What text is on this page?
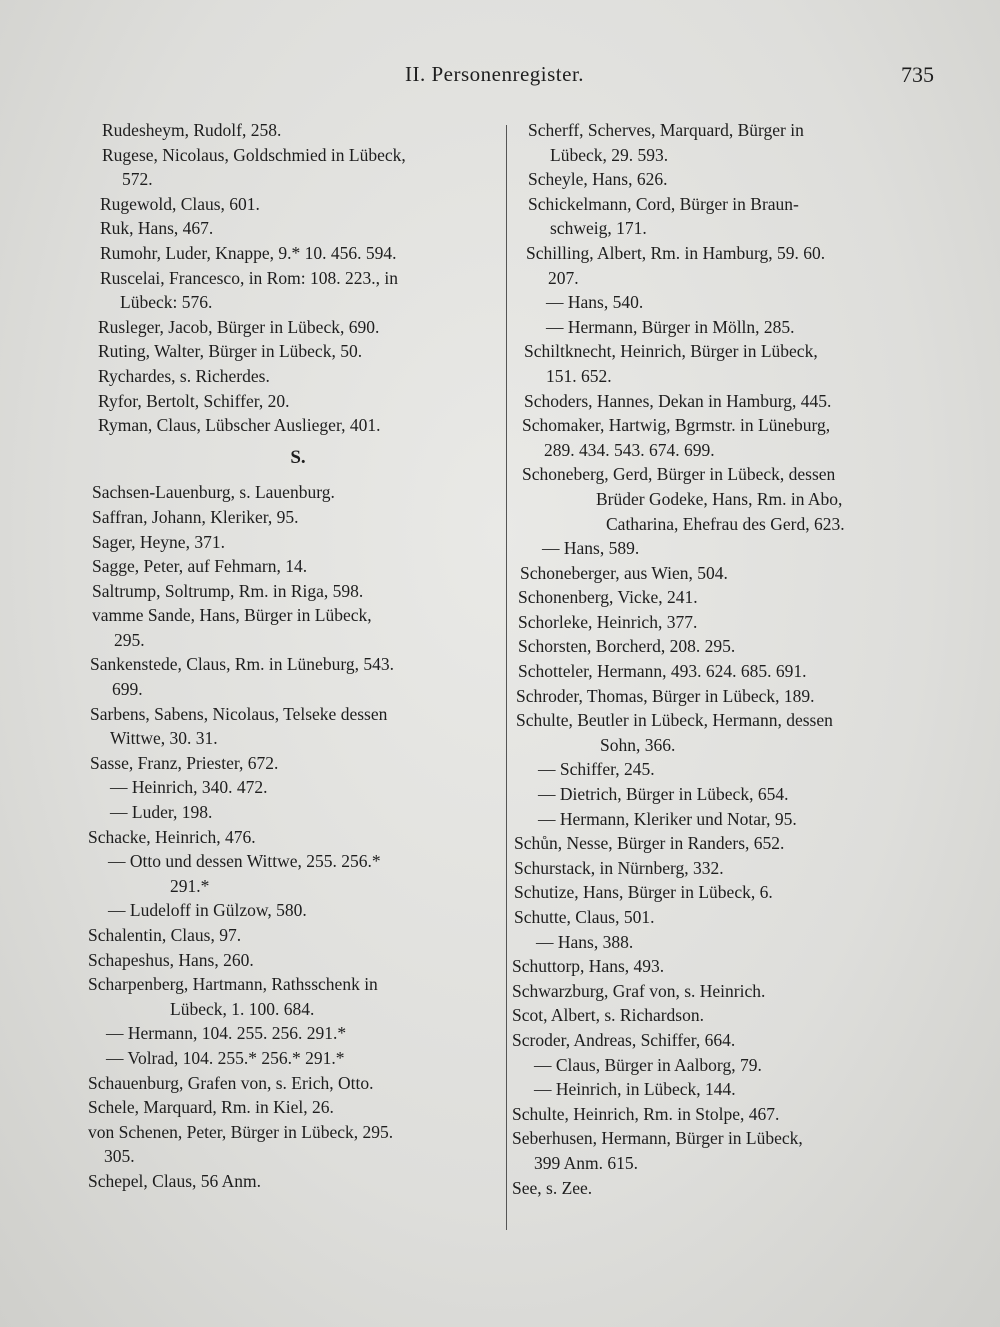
II. Personenregister.	735
Rudesheym, Rudolf, 258.
Rugese, Nicolaus, Goldschmied in Lübeck,
572.
Rugewold, Claus, 601.
Ruk, Hans, 467.
Rumohr, Luder, Knappe, 9.* 10. 456. 594.
Ruscelai, Francesco, in Rom: 108. 223., in
Lübeck: 576.
Rusleger, Jacob, Bürger in Lübeck, 690.
Ruting, Walter, Bürger in Lübeck, 50.
Rychardes, s. Richerdes.
Ryfor, Bertolt, Schiffer, 20.
Ryman, Claus, Lübscher Auslieger, 401.
S.
Sachsen-Lauenburg, s. Lauenburg.
Saffran, Johann, Kleriker, 95.
Sager, Heyne, 371.
Sagge, Peter, auf Fehmarn, 14.
Saltrump, Soltrump, Rm. in Riga, 598.
vamme Sande, Hans, Bürger in Lübeck,
295.
Sankenstede, Claus, Rm. in Lüneburg, 543.
699.
Sarbens, Sabens, Nicolaus, Telseke dessen
Wittwe, 30. 31.
Sasse, Franz, Priester, 672.
— Heinrich, 340. 472.
— Luder, 198.
Schacke, Heinrich, 476.
— Otto und dessen Wittwe, 255. 256.*
291.*
— Ludeloff in Gülzow, 580.
Schalentin, Claus, 97.
Schapeshus, Hans, 260.
Scharpenberg, Hartmann, Rathsschenk in
Lübeck, 1. 100. 684.
— Hermann, 104. 255. 256. 291.*
— Volrad, 104. 255.* 256.* 291.*
Schauenburg, Grafen von, s. Erich, Otto.
Schele, Marquard, Rm. in Kiel, 26.
von Schenen, Peter, Bürger in Lübeck, 295.
305.
Schepel, Claus, 56 Anm.
Scherff, Scherves, Marquard, Bürger in
Lübeck, 29. 593.
Scheyle, Hans, 626.
Schickelmann, Cord, Bürger in Braun-
schweig, 171.
Schilling, Albert, Rm. in Hamburg, 59. 60.
207.
— Hans, 540.
— Hermann, Bürger in Mölln, 285.
Schiltknecht, Heinrich, Bürger in Lübeck,
151. 652.
Schoders, Hannes, Dekan in Hamburg, 445.
Schomaker, Hartwig, Bgrmstr. in Lüneburg,
289. 434. 543. 674. 699.
Schoneberg, Gerd, Bürger in Lübeck, dessen
Brüder Godeke, Hans, Rm. in Abo,
Catharina, Ehefrau des Gerd, 623.
— Hans, 589.
Schoneberger, aus Wien, 504.
Schonenberg, Vicke, 241.
Schorleke, Heinrich, 377.
Schorsten, Borcherd, 208. 295.
Schotteler, Hermann, 493. 624. 685. 691.
Schroder, Thomas, Bürger in Lübeck, 189.
Schulte, Beutler in Lübeck, Hermann, dessen
Sohn, 366.
— Schiffer, 245.
— Dietrich, Bürger in Lübeck, 654.
— Hermann, Kleriker und Notar, 95.
Schůn, Nesse, Bürger in Randers, 652.
Schurstack, in Nürnberg, 332.
Schutize, Hans, Bürger in Lübeck, 6.
Schutte, Claus, 501.
— Hans, 388.
Schuttorp, Hans, 493.
Schwarzburg, Graf von, s. Heinrich.
Scot, Albert, s. Richardson.
Scroder, Andreas, Schiffer, 664.
— Claus, Bürger in Aalborg, 79.
— Heinrich, in Lübeck, 144.
Schulte, Heinrich, Rm. in Stolpe, 467.
Seberhusen, Hermann, Bürger in Lübeck,
399 Anm. 615.
See, s. Zee.
